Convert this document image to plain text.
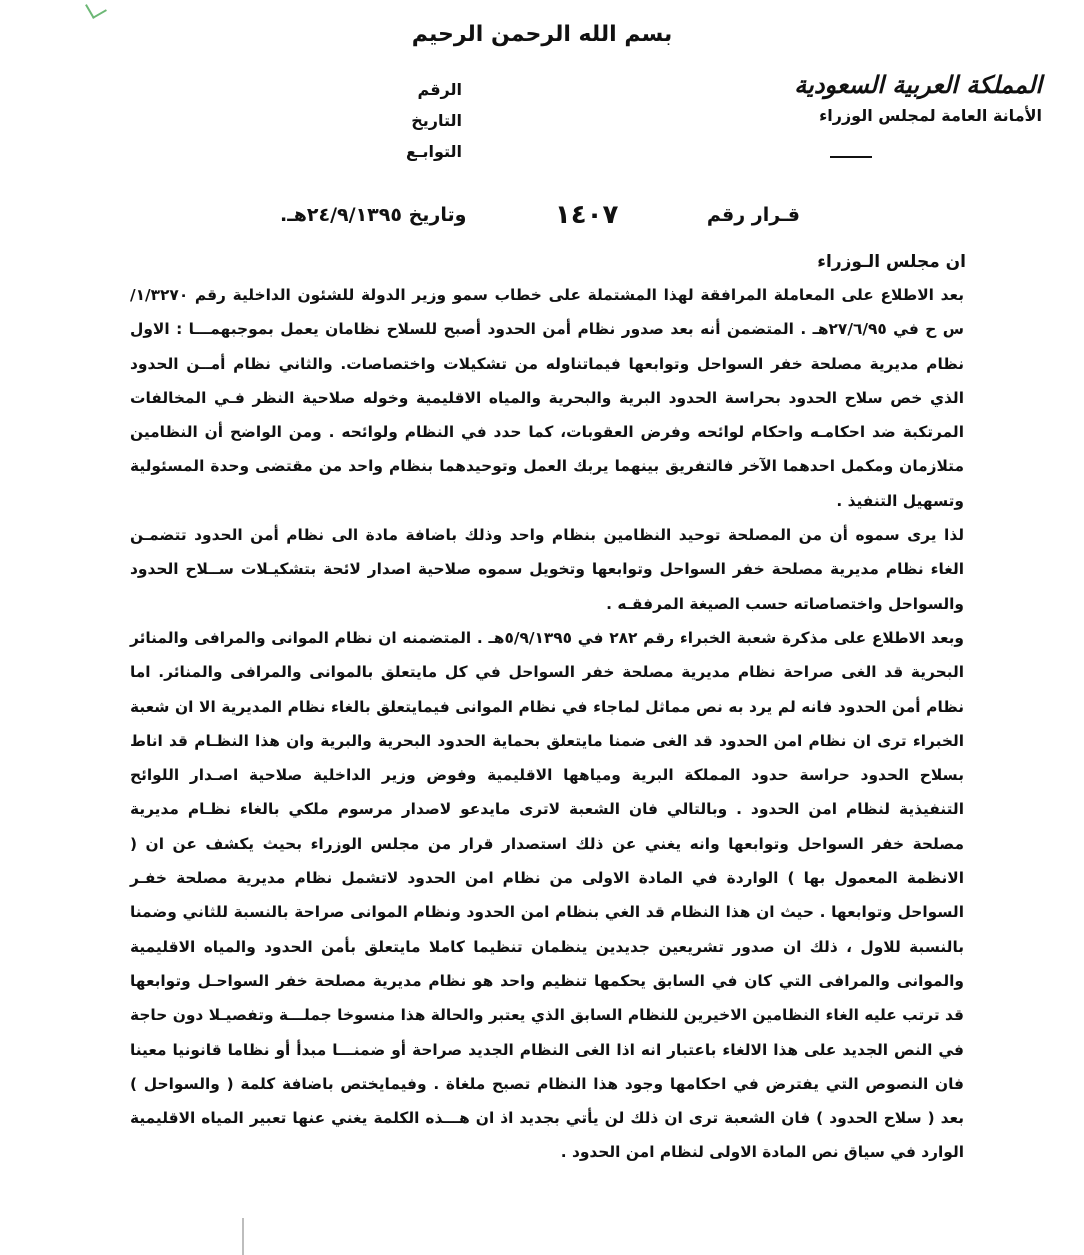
بسم الله الرحمن الرحيم
المملكة العربية السعودية
الأمانة العامة لمجلس الوزراء
الرقم
التاريخ
التوابـع
قـرار رقم
١٤٠٧
وتاريخ ٢٤/٩/١٣٩٥هـ.
ان مجلس الـوزراء

بعد الاطلاع على المعاملة المرافقة لهذا المشتملة على خطاب سمو وزير الدولة للشئون الداخلية رقم ١/٣٢٧٠/س ح في ٢٧/٦/٩٥هـ . المتضمن أنه بعد صدور نظام أمن الحدود أصبح للسلاح نظامان يعمل بموجبهمـــا : الاول نظام مديرية مصلحة خفر السواحل وتوابعها فيماتناوله من تشكيلات واختصاصات. والثاني نظام أمــن الحدود الذي خص سلاح الحدود بحراسة الحدود البرية والبحرية والمياه الاقليمية وخوله صلاحية النظر فـي المخالفات المرتكبة ضد احكامـه واحكام لوائحه وفرض العقوبات، كما حدد في النظام ولوائحه . ومن الواضح أن النظامين متلازمان ومكمل احدهما الآخر فالتفريق بينهما يربك العمل وتوحيدهما بنظام واحد من مقتضى وحدة المسئولية وتسهيل التنفيذ .

لذا يرى سموه أن من المصلحة توحيد النظامين بنظام واحد وذلك باضافة مادة الى نظام أمن الحدود تتضمـن الغاء نظام مديرية مصلحة خفر السواحل وتوابعها وتخويل سموه صلاحية اصدار لائحة بتشكيـلات ســلاح الحدود والسواحل واختصاصاته حسب الصيغة المرفقـه .

وبعد الاطلاع على مذكرة شعبة الخبراء رقم ٢٨٢ في ٥/٩/١٣٩٥هـ . المتضمنه ان نظام الموانى والمرافى والمنائر البحرية قد الغى صراحة نظام مديرية مصلحة خفر السواحل في كل مايتعلق بالموانى والمرافى والمنائر. اما نظام أمن الحدود فانه لم يرد به نص مماثل لماجاء في نظام الموانى فيمايتعلق بالغاء نظام المديرية الا ان شعبة الخبراء ترى ان نظام امن الحدود قد الغى ضمنا مايتعلق بحماية الحدود البحرية والبرية وان هذا النظـام قد اناط بسلاح الحدود حراسة حدود المملكة البرية ومياهها الاقليمية وفوض وزير الداخلية صلاحية اصـدار اللوائح التنفيذية لنظام امن الحدود . وبالتالي فان الشعبة لاترى مايدعو لاصدار مرسوم ملكي بالغاء نظـام مديرية مصلحة خفر السواحل وتوابعها وانه يغني عن ذلك استصدار قرار من مجلس الوزراء بحيث يكشف عن ان ( الانظمة المعمول بها ) الواردة في المادة الاولى من نظام امن الحدود لاتشمل نظام مديرية مصلحة خفـر السواحل وتوابعها . حيث ان هذا النظام قد الغي بنظام امن الحدود ونظام الموانى صراحة بالنسبة للثاني وضمنا بالنسبة للاول ، ذلك ان صدور تشريعين جديدين ينظمان تنظيما كاملا مايتعلق بأمن الحدود والمياه الاقليمية والموانى والمرافى التي كان في السابق يحكمها تنظيم واحد هو نظام مديرية مصلحة خفر السواحـل وتوابعها قد ترتب عليه الغاء النظامين الاخيرين للنظام السابق الذي يعتبر والحالة هذا منسوخا جملـــة وتفصيـلا دون حاجة في النص الجديد على هذا الالغاء باعتبار انه اذا الغى النظام الجديد صراحة أو ضمنـــا مبدأ أو نظاما قانونيا معينا فان النصوص التي يفترض في احكامها وجود هذا النظام تصبح ملغاة . وفيمايختص باضافة كلمة ( والسواحل ) بعد ( سلاح الحدود ) فان الشعبة ترى ان ذلك لن يأتي بجديد اذ ان هـــذه الكلمة يغني عنها تعبير المياه الاقليمية الوارد في سياق نص المادة الاولى لنظام امن الحدود .
